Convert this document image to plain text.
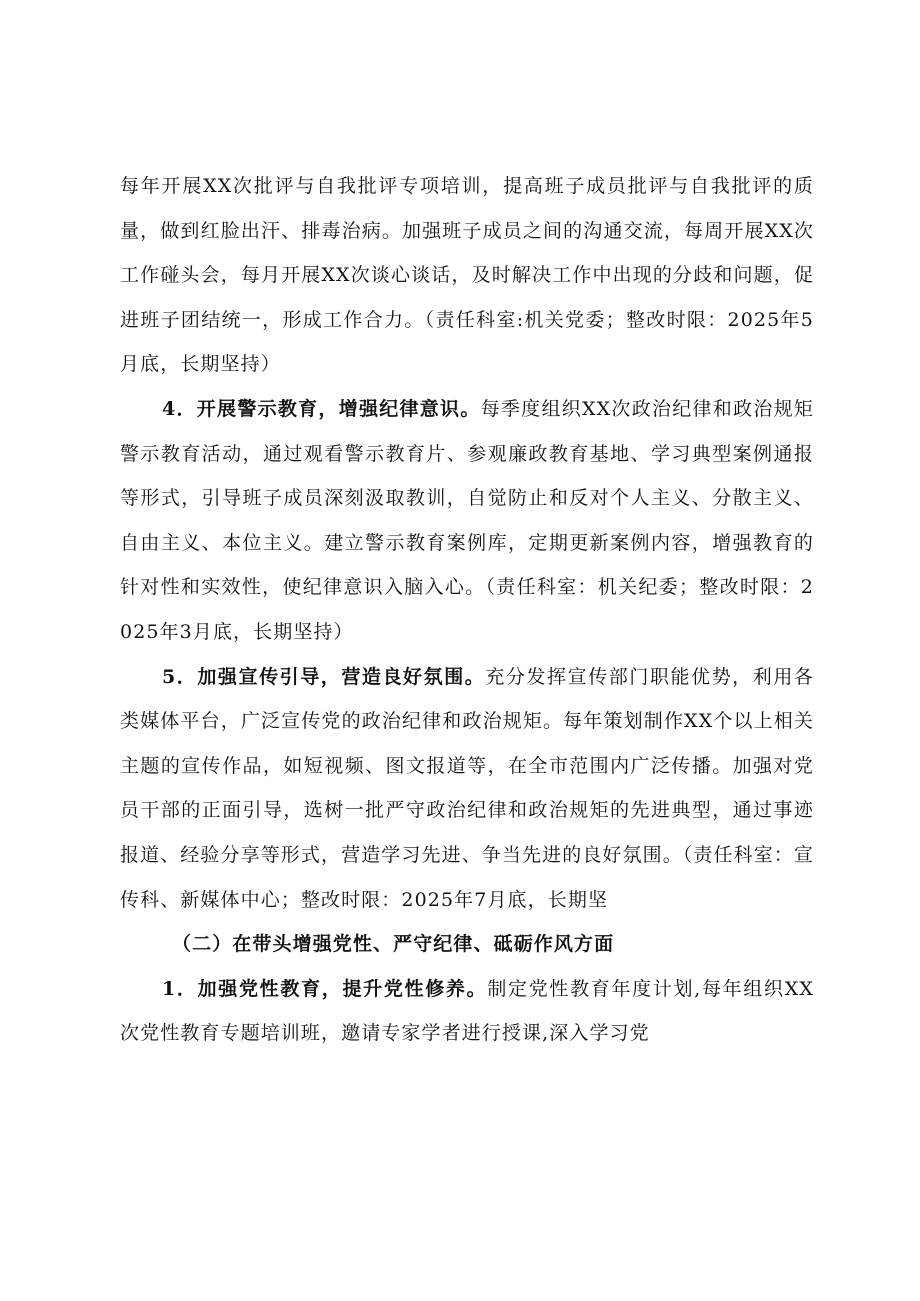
每年开展XX次批评与自我批评专项培训，提高班子成员批评与自我批评的质量，做到红脸出汗、排毒治病。加强班子成员之间的沟通交流，每周开展XX次工作碰头会，每月开展XX次谈心谈话，及时解决工作中出现的分歧和问题，促进班子团结统一，形成工作合力。（责任科室:机关党委；整改时限：2025年5月底，长期坚持）

4．开展警示教育，增强纪律意识。每季度组织XX次政治纪律和政治规矩警示教育活动，通过观看警示教育片、参观廉政教育基地、学习典型案例通报等形式，引导班子成员深刻汲取教训，自觉防止和反对个人主义、分散主义、自由主义、本位主义。建立警示教育案例库，定期更新案例内容，增强教育的针对性和实效性，使纪律意识入脑入心。（责任科室：机关纪委；整改时限：2025年3月底，长期坚持）

5．加强宣传引导，营造良好氛围。充分发挥宣传部门职能优势，利用各类媒体平台，广泛宣传党的政治纪律和政治规矩。每年策划制作XX个以上相关主题的宣传作品，如短视频、图文报道等，在全市范围内广泛传播。加强对党员干部的正面引导，选树一批严守政治纪律和政治规矩的先进典型，通过事迹报道、经验分享等形式，营造学习先进、争当先进的良好氛围。（责任科室：宣传科、新媒体中心；整改时限：2025年7月底，长期坚

（二）在带头增强党性、严守纪律、砥砺作风方面

1．加强党性教育，提升党性修养。制定党性教育年度计划,每年组织XX次党性教育专题培训班，邀请专家学者进行授课,深入学习党
